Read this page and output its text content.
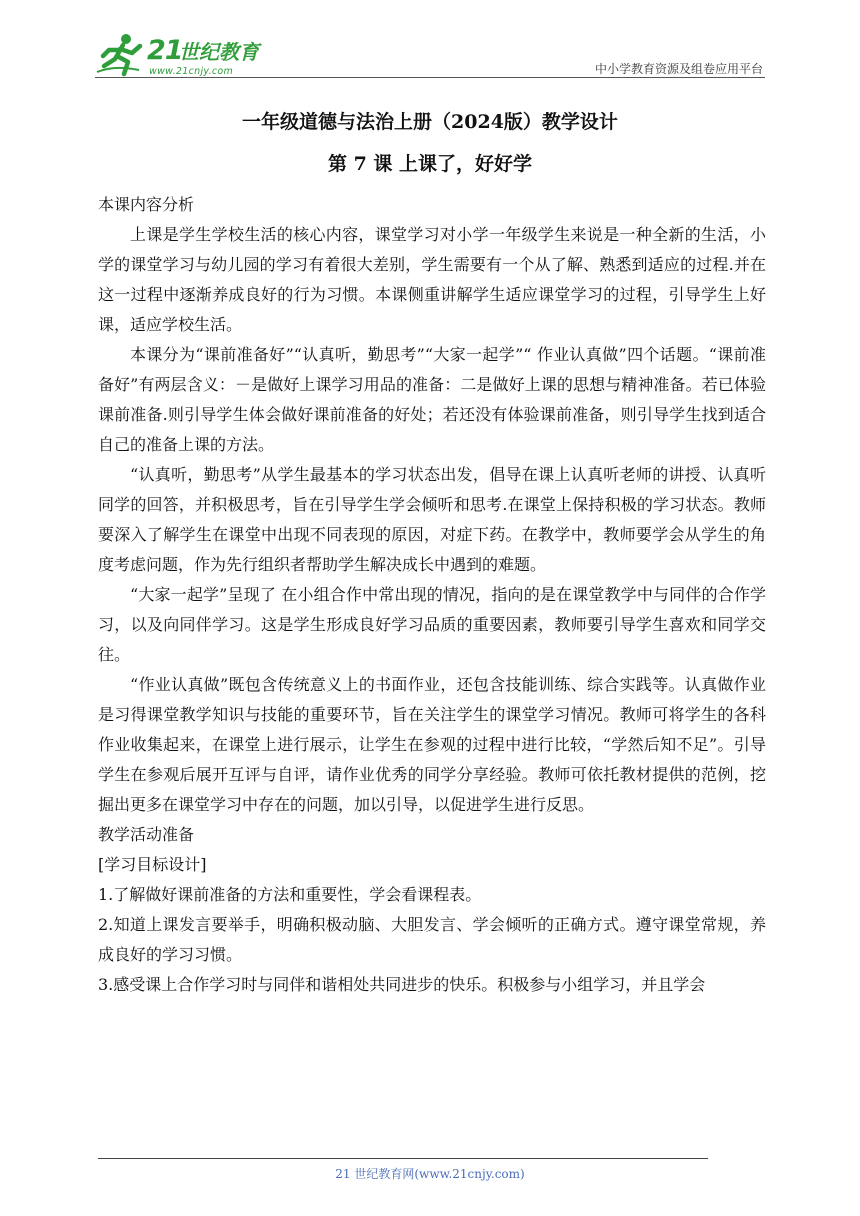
21
世纪教育
www.21cnjy.com	中小学教育资源及组卷应用平台
一年级道德与法治上册（2024版）教学设计
第 7 课 上课了，好好学

本课内容分析

上课是学生学校生活的核心内容，课堂学习对小学一年级学生来说是一种全新的生活，小学的课堂学习与幼儿园的学习有着很大差别，学生需要有一个从了解、熟悉到适应的过程.并在这一过程中逐渐养成良好的行为习惯。本课侧重讲解学生适应课堂学习的过程，引导学生上好课，适应学校生活。

本课分为“课前准备好”“认真听，勤思考”“大家一起学”“ 作业认真做”四个话题。“课前准备好”有两层含义：－是做好上课学习用品的准备：二是做好上课的思想与精神准备。若已体验课前准备.则引导学生体会做好课前准备的好处；若还没有体验课前准备，则引导学生找到适合自己的准备上课的方法。

“认真听，勤思考”从学生最基本的学习状态出发，倡导在课上认真听老师的讲授、认真听同学的回答，并积极思考，旨在引导学生学会倾听和思考.在课堂上保持积极的学习状态。教师要深入了解学生在课堂中出现不同表现的原因，对症下药。在教学中，教师要学会从学生的角度考虑问题，作为先行组织者帮助学生解决成长中遇到的难题。

“大家一起学”呈现了 在小组合作中常出现的情况，指向的是在课堂教学中与同伴的合作学习，以及向同伴学习。这是学生形成良好学习品质的重要因素，教师要引导学生喜欢和同学交往。

“作业认真做”既包含传统意义上的书面作业，还包含技能训练、综合实践等。认真做作业是习得课堂教学知识与技能的重要环节，旨在关注学生的课堂学习情况。教师可将学生的各科作业收集起来，在课堂上进行展示，让学生在参观的过程中进行比较，“学然后知不足”。引导学生在参观后展开互评与自评，请作业优秀的同学分享经验。教师可依托教材提供的范例，挖掘出更多在课堂学习中存在的问题，加以引导，以促进学生进行反思。

教学活动准备

[学习目标设计]

1.了解做好课前准备的方法和重要性，学会看课程表。

2.知道上课发言要举手，明确积极动脑、大胆发言、学会倾听的正确方式。遵守课堂常规，养成良好的学习习惯。

3.感受课上合作学习时与同伴和谐相处共同进步的快乐。积极参与小组学习，并且学会

21 世纪教育网(www.21cnjy.com)
